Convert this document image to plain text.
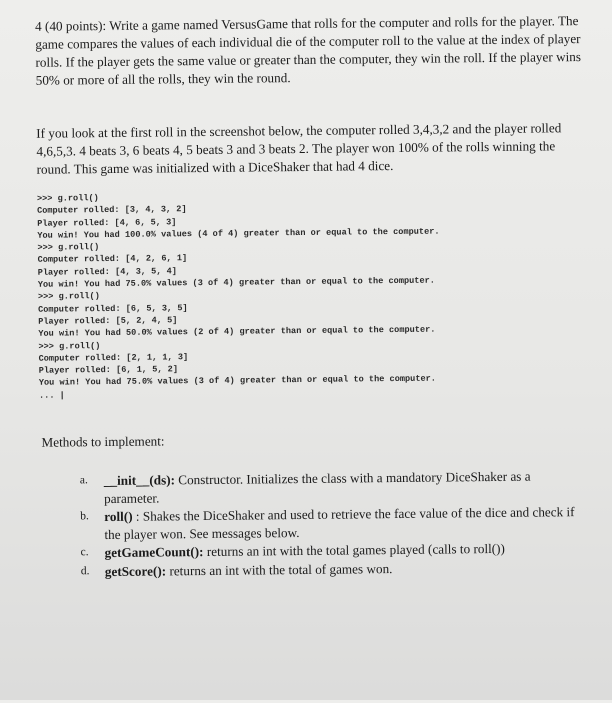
4 (40 points): Write a game named VersusGame that rolls for the computer and rolls for the player. The game compares the values of each individual die of the computer roll to the value at the index of player rolls. If the player gets the same value or greater than the computer, they win the roll. If the player wins 50% or more of all the rolls, they win the round.

If you look at the first roll in the screenshot below, the computer rolled 3,4,3,2 and the player rolled 4,6,5,3. 4 beats 3, 6 beats 4, 5 beats 3 and 3 beats 2. The player won 100% of the rolls winning the round. This game was initialized with a DiceShaker that had 4 dice.

>>> g.roll()
Computer rolled: [3, 4, 3, 2]
Player rolled: [4, 6, 5, 3]
You win! You had 100.0% values (4 of 4) greater than or equal to the computer.
>>> g.roll()
Computer rolled: [4, 2, 6, 1]
Player rolled: [4, 3, 5, 4]
You win! You had 75.0% values (3 of 4) greater than or equal to the computer.
>>> g.roll()
Computer rolled: [6, 5, 3, 5]
Player rolled: [5, 2, 4, 5]
You win! You had 50.0% values (2 of 4) greater than or equal to the computer.
>>> g.roll()
Computer rolled: [2, 1, 1, 3]
Player rolled: [6, 1, 5, 2]
You win! You had 75.0% values (3 of 4) greater than or equal to the computer.
... |

Methods to implement:

a.	__init__(ds): Constructor. Initializes the class with a mandatory DiceShaker as a parameter.
b.	roll() : Shakes the DiceShaker and used to retrieve the face value of the dice and check if the player won. See messages below.
c.	getGameCount(): returns an int with the total games played (calls to roll())
d.	getScore(): returns an int with the total of games won.
